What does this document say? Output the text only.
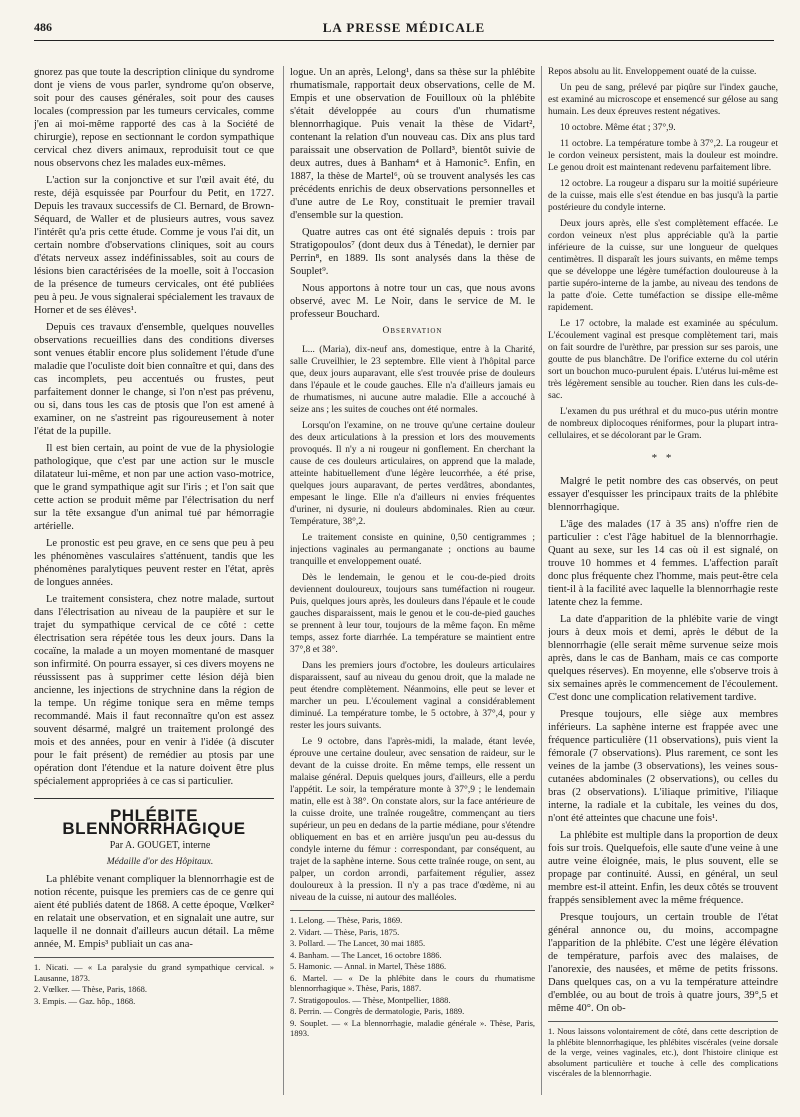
486	LA PRESSE MÉDICALE

gnorez pas que toute la description clinique du syndrome dont je viens de vous parler, syndrome qu'on observe, soit pour des causes générales, soit pour des causes locales (compression par les tumeurs cervicales, comme j'en ai moi-même rapporté des cas à la Société de chirurgie), repose en sectionnant le cordon sympathique cervical chez divers animaux, reproduisit tout ce que nous observons chez les malades eux-mêmes.

L'action sur la conjonctive et sur l'œil avait été, du reste, déjà esquissée par Pourfour du Petit, en 1727. Depuis les travaux successifs de Cl. Bernard, de Brown-Séquard, de Waller et de plusieurs autres, vous savez l'intérêt qu'a pris cette étude. Comme je vous l'ai dit, un certain nombre d'observations cliniques, soit au cours d'états nerveux assez indéfinissables, soit au cours de lésions bien caractérisées de la moelle, soit à l'occasion de la présence de tumeurs cervicales, ont été publiées peu à peu. Je vous signalerai spécialement les travaux de Horner et de ses élèves¹.

Depuis ces travaux d'ensemble, quelques nouvelles observations recueillies dans des conditions diverses sont venues établir encore plus solidement l'étude d'une maladie que l'oculiste doit bien connaître et qui, dans des cas incomplets, peu accentués ou frustes, peut parfaitement donner le change, si l'on n'est pas prévenu, ou si, dans tous les cas de ptosis que l'on est amené à examiner, on ne s'astreint pas rigoureusement à noter l'état de la pupille.

Il est bien certain, au point de vue de la physiologie pathologique, que c'est par une action sur le muscle dilatateur lui-même, et non par une action vaso-motrice, que le grand sympathique agit sur l'iris ; et l'on sait que cette action se produit même par l'électrisation du nerf sur la tête exsangue d'un animal tué par hémorragie artérielle.

Le pronostic est peu grave, en ce sens que peu à peu les phénomènes vasculaires s'atténuent, tandis que les phénomènes paralytiques peuvent rester en l'état, après de longues années.

Le traitement consistera, chez notre malade, surtout dans l'électrisation au niveau de la paupière et sur le trajet du sympathique cervical de ce côté : cette électrisation sera répétée tous les deux jours. Dans la cocaïne, la malade a un moyen momentané de masquer son infirmité. On pourra essayer, si ces divers moyens ne réussissent pas à supprimer cette lésion déjà bien ancienne, les injections de strychnine dans la région de la tempe. Un régime tonique sera en même temps recommandé. Mais il faut reconnaître qu'on est assez souvent désarmé, malgré un traitement prolongé des mois et des années, pour en venir à l'idée (à discuter pour le fait présent) de remédier au ptosis par une opération dont l'étendue et la nature doivent être plus spécialement appropriées à ce cas si particulier.

PHLÉBITE BLENNORRHAGIQUE

Par A. GOUGET, interne

Médaille d'or des Hôpitaux.

La phlébite venant compliquer la blennorrhagie est de notion récente, puisque les premiers cas de ce genre qui aient été publiés datent de 1868. A cette époque, Vœlker² en relatait une observation, et en signalait une autre, sur laquelle il ne donnait d'ailleurs aucun détail. La même année, M. Empis³ publiait un cas ana-

1. Nicati. — « La paralysie du grand sympathique cervical. » Lausanne, 1873.
2. Vœlker. — Thèse, Paris, 1868.
3. Empis. — Gaz. hôp., 1868.

logue. Un an après, Lelong¹, dans sa thèse sur la phlébite rhumatismale, rapportait deux observations, celle de M. Empis et une observation de Fouilloux où la phlébite s'était développée au cours d'un rhumatisme blennorrhagique. Puis venait la thèse de Vidart², contenant la relation d'un nouveau cas. Dix ans plus tard paraissait une observation de Pollard³, bientôt suivie de deux autres, dues à Banham⁴ et à Hamonic⁵. Enfin, en 1887, la thèse de Martel⁶, où se trouvent analysés les cas précédents enrichis de deux observations personnelles et d'une autre de Le Roy, constituait le premier travail d'ensemble sur la question.

Quatre autres cas ont été signalés depuis : trois par Stratigopoulos⁷ (dont deux dus à Ténedat), le dernier par Perrin⁸, en 1889. Ils sont analysés dans la thèse de Souplet⁹.

Nous apportons à notre tour un cas, que nous avons observé, avec M. Le Noir, dans le service de M. le professeur Bouchard.

Observation

L... (Maria), dix-neuf ans, domestique, entre à la Charité, salle Cruveilhier, le 23 septembre. Elle vient à l'hôpital parce que, deux jours auparavant, elle s'est trouvée prise de douleurs dans l'épaule et le coude gauches. Elle n'a d'ailleurs jamais eu de rhumatismes, ni aucune autre maladie. Elle a accouché à seize ans ; les suites de couches ont été normales.

Lorsqu'on l'examine, on ne trouve qu'une certaine douleur des deux articulations à la pression et lors des mouvements provoqués. Il n'y a ni rougeur ni gonflement. En cherchant la cause de ces douleurs articulaires, on apprend que la malade, atteinte habituellement d'une légère leucorrhée, a été prise, quelques jours auparavant, de pertes verdâtres, abondantes, empesant le linge. Elle n'a d'ailleurs ni envies fréquentes d'uriner, ni dysurie, ni douleurs abdominales. Rien au cœur. Température, 38°,2.

Le traitement consiste en quinine, 0,50 centigrammes ; injections vaginales au permanganate ; onctions au baume tranquille et enveloppement ouaté.

Dès le lendemain, le genou et le cou-de-pied droits deviennent douloureux, toujours sans tuméfaction ni rougeur. Puis, quelques jours après, les douleurs dans l'épaule et le coude gauches disparaissent, mais le genou et le cou-de-pied gauches se prennent à leur tour, toujours de la même façon. En même temps, assez forte diarrhée. La température se maintient entre 37°,8 et 38°.

Dans les premiers jours d'octobre, les douleurs articulaires disparaissent, sauf au niveau du genou droit, que la malade ne peut étendre complètement. Néanmoins, elle peut se lever et marcher un peu. L'écoulement vaginal a considérablement diminué. La température tombe, le 5 octobre, à 37°,4, pour y rester les jours suivants.

Le 9 octobre, dans l'après-midi, la malade, étant levée, éprouve une certaine douleur, avec sensation de raideur, sur le devant de la cuisse droite. En même temps, elle ressent un malaise général. Depuis quelques jours, d'ailleurs, elle a perdu l'appétit. Le soir, la température monte à 37°,9 ; le lendemain matin, elle est à 38°. On constate alors, sur la face antérieure de la cuisse droite, une traînée rougeâtre, commençant au tiers supérieur, un peu en dedans de la partie médiane, pour s'étendre obliquement en bas et en arrière jusqu'un peu au-dessus du condyle interne du fémur : correspondant, par conséquent, au trajet de la saphène interne. Sous cette traînée rouge, on sent, au palper, un cordon arrondi, parfaitement régulier, assez douloureux à la pression. Il n'y a pas trace d'œdème, ni au niveau de la cuisse, ni autour des malléoles.

1. Lelong. — Thèse, Paris, 1869.
2. Vidart. — Thèse, Paris, 1875.
3. Pollard. — The Lancet, 30 mai 1885.
4. Banham. — The Lancet, 16 octobre 1886.
5. Hamonic. — Annal. in Martel, Thèse 1886.
6. Martel. — « De la phlébite dans le cours du rhumatisme blennorrhagique ». Thèse, Paris, 1887.
7. Stratigopoulos. — Thèse, Montpellier, 1888.
8. Perrin. — Congrès de dermatologie, Paris, 1889.
9. Souplet. — « La blennorrhagie, maladie générale ». Thèse, Paris, 1893.

Repos absolu au lit. Enveloppement ouaté de la cuisse.

Un peu de sang, prélevé par piqûre sur l'index gauche, est examiné au microscope et ensemencé sur gélose au sang humain. Les deux épreuves restent négatives.

10 octobre. Même état ; 37°,9.

11 octobre. La température tombe à 37°,2. La rougeur et le cordon veineux persistent, mais la douleur est moindre. Le genou droit est maintenant redevenu parfaitement libre.

12 octobre. La rougeur a disparu sur la moitié supérieure de la cuisse, mais elle s'est étendue en bas jusqu'à la partie postérieure du condyle interne.

Deux jours après, elle s'est complètement effacée. Le cordon veineux n'est plus appréciable qu'à la partie inférieure de la cuisse, sur une longueur de quelques centimètres. Il disparaît les jours suivants, en même temps que se développe une légère tuméfaction douloureuse à la partie supéro-interne de la jambe, au niveau des tendons de la patte d'oie. Cette tuméfaction se dissipe elle-même rapidement.

Le 17 octobre, la malade est examinée au spéculum. L'écoulement vaginal est presque complètement tari, mais on fait sourdre de l'urèthre, par pression sur ses parois, une goutte de pus blanchâtre. De l'orifice externe du col utérin sort un bouchon muco-purulent épais. L'utérus lui-même est très légèrement sensible au toucher. Rien dans les culs-de-sac.

L'examen du pus uréthral et du muco-pus utérin montre de nombreux diplocoques réniformes, pour la plupart intra-cellulaires, et se décolorant par le Gram.

* *

Malgré le petit nombre des cas observés, on peut essayer d'esquisser les principaux traits de la phlébite blennorrhagique.

L'âge des malades (17 à 35 ans) n'offre rien de particulier : c'est l'âge habituel de la blennorrhagie. Quant au sexe, sur les 14 cas où il est signalé, on trouve 10 hommes et 4 femmes. L'affection paraît donc plus fréquente chez l'homme, mais peut-être cela tient-il à la facilité avec laquelle la blennorrhagie reste latente chez la femme.

La date d'apparition de la phlébite varie de vingt jours à deux mois et demi, après le début de la blennorrhagie (elle serait même survenue seize mois après, dans le cas de Banham, mais ce cas comporte quelques réserves). En moyenne, elle s'observe trois à six semaines après le commencement de l'écoulement. C'est donc une complication relativement tardive.

Presque toujours, elle siège aux membres inférieurs. La saphène interne est frappée avec une fréquence particulière (11 observations), puis vient la fémorale (7 observations). Plus rarement, ce sont les veines de la jambe (3 observations), les veines sous-cutanées abdominales (2 observations), ou celles du bras (2 observations). L'iliaque primitive, l'iliaque interne, la radiale et la cubitale, les veines du dos, n'ont été atteintes que chacune une fois¹.

La phlébite est multiple dans la proportion de deux fois sur trois. Quelquefois, elle saute d'une veine à une autre veine éloignée, mais, le plus souvent, elle se propage par continuité. Aussi, en général, un seul membre est-il atteint. Enfin, les deux côtés se trouvent frappés sensiblement avec la même fréquence.

Presque toujours, un certain trouble de l'état général annonce ou, du moins, accompagne l'apparition de la phlébite. C'est une légère élévation de température, parfois avec des malaises, de l'anorexie, des nausées, et même de petits frissons. Dans quelques cas, on a vu la température atteindre d'emblée, ou au bout de trois à quatre jours, 39°,5 et même 40°. On ob-

1. Nous laissons volontairement de côté, dans cette description de la phlébite blennorrhagique, les phlébites viscérales (veine dorsale de la verge, veines vaginales, etc.), dont l'histoire clinique est absolument particulière et touche à celle des complications viscérales de la blennorrhagie.
